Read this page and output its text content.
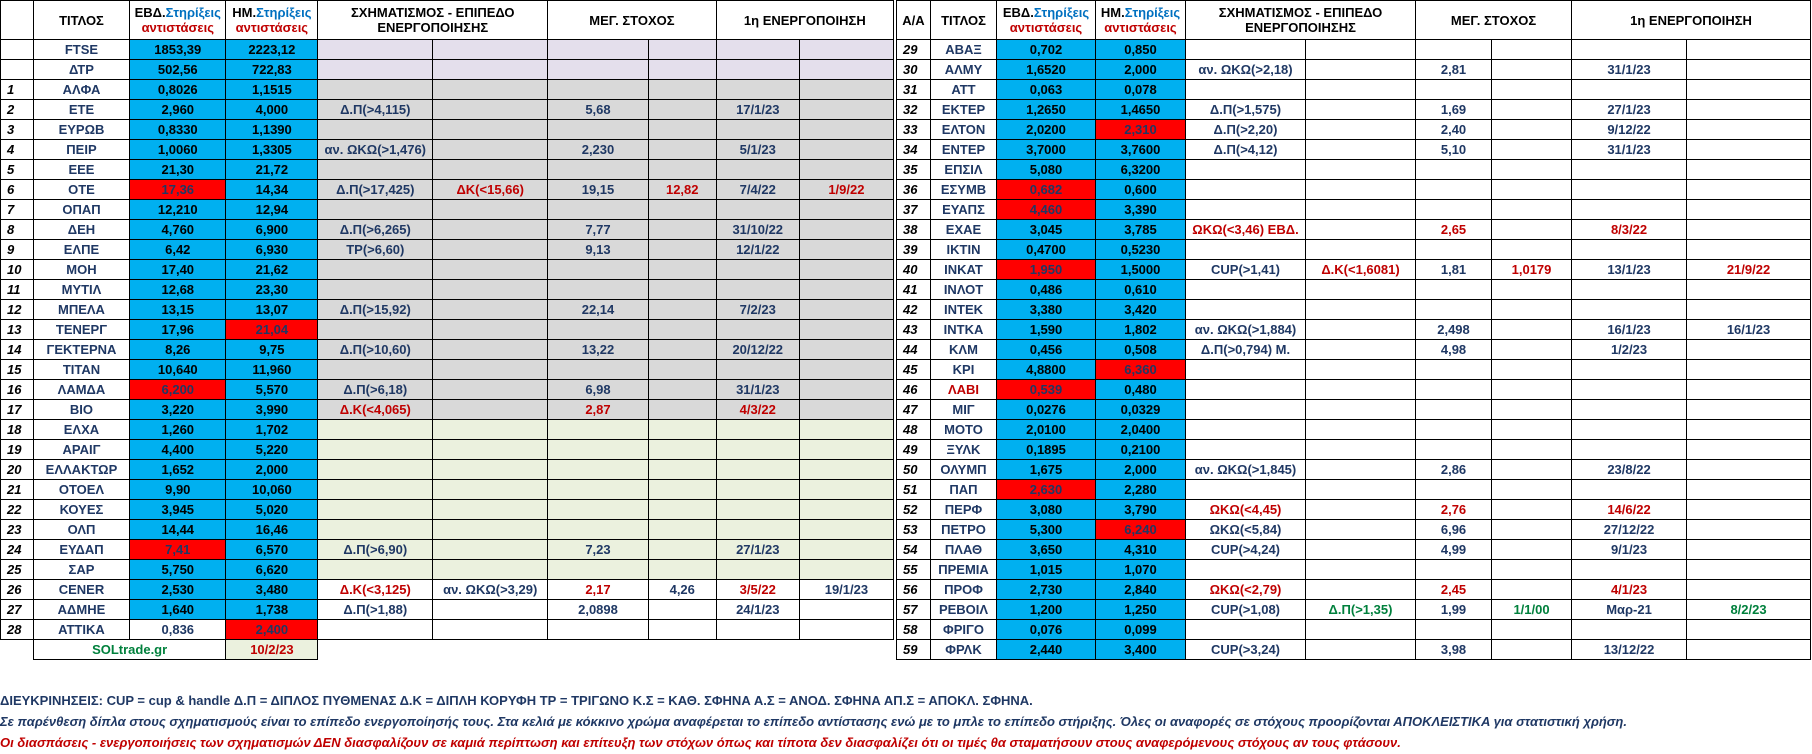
	ΤΙΤΛΟΣ	ΕΒΔ.Στηρίξεις
αντιστάσεις	ΗΜ.Στηρίξεις
αντιστάσεις	ΣΧΗΜΑΤΙΣΜΟΣ - ΕΠΙΠΕΔΟ ΕΝΕΡΓΟΠΟΙΗΣΗΣ		ΜΕΓ. ΣΤΟΧΟΣ		1η ΕΝΕΡΓΟΠΟΙΗΣΗ	
	FTSE	1853,39	2223,12						
	ΔΤΡ	502,56	722,83						
1	ΑΛΦΑ	0,8026	1,1515						
2	ΕΤΕ	2,960	4,000	Δ.Π(>4,115)		5,68		17/1/23	
3	ΕΥΡΩΒ	0,8330	1,1390						
4	ΠΕΙΡ	1,0060	1,3305	αν. ΩΚΩ(>1,476)		2,230		5/1/23	
5	ΕΕΕ	21,30	21,72						
6	ΟΤΕ	17,36	14,34	Δ.Π(>17,425)	ΔΚ(<15,66)	19,15	12,82	7/4/22	1/9/22
7	ΟΠΑΠ	12,210	12,94						
8	ΔΕΗ	4,760	6,900	Δ.Π(>6,265)		7,77		31/10/22	
9	ΕΛΠΕ	6,42	6,930	ΤΡ(>6,60)		9,13		12/1/22	
10	ΜΟΗ	17,40	21,62						
11	ΜΥΤΙΛ	12,68	23,30						
12	ΜΠΕΛΑ	13,15	13,07	Δ.Π(>15,92)		22,14		7/2/23	
13	ΤΕΝΕΡΓ	17,96	21,04						
14	ΓΕΚΤΕΡΝΑ	8,26	9,75	Δ.Π(>10,60)		13,22		20/12/22	
15	ΤΙΤΑΝ	10,640	11,960						
16	ΛΑΜΔΑ	6,200	5,570	Δ.Π(>6,18)		6,98		31/1/23	
17	ΒΙΟ	3,220	3,990	Δ.Κ(<4,065)		2,87		4/3/22	
18	ΕΛΧΑ	1,260	1,702						
19	ΑΡΑΙΓ	4,400	5,220						
20	ΕΛΛΑΚΤΩΡ	1,652	2,000						
21	ΟΤΟΕΛ	9,90	10,060						
22	ΚΟΥΕΣ	3,945	5,020						
23	ΟΛΠ	14,44	16,46						
24	ΕΥΔΑΠ	7,41	6,570	Δ.Π(>6,90)		7,23		27/1/23	
25	ΣΑΡ	5,750	6,620						
26	CENER	2,530	3,480	Δ.Κ(<3,125)	αν. ΩΚΩ(>3,29)	2,17	4,26	3/5/22	19/1/23
27	ΑΔΜΗΕ	1,640	1,738	Δ.Π(>1,88)		2,0898		24/1/23	
28	ΑΤΤΙΚΑ	0,836	2,400						
	SOLtrade.gr		10/2/23						
Α/Α	ΤΙΤΛΟΣ	ΕΒΔ.Στηρίξεις
αντιστάσεις	ΗΜ.Στηρίξεις
αντιστάσεις	ΣΧΗΜΑΤΙΣΜΟΣ - ΕΠΙΠΕΔΟ ΕΝΕΡΓΟΠΟΙΗΣΗΣ		ΜΕΓ. ΣΤΟΧΟΣ		1η ΕΝΕΡΓΟΠΟΙΗΣΗ	
29	ΑΒΑΞ	0,702	0,850						
30	ΑΛΜΥ	1,6520	2,000	αν. ΩΚΩ(>2,18)		2,81		31/1/23	
31	ΑΤΤ	0,063	0,078						
32	ΕΚΤΕΡ	1,2650	1,4650	Δ.Π(>1,575)		1,69		27/1/23	
33	ΕΛΤΟΝ	2,0200	2,310	Δ.Π(>2,20)		2,40		9/12/22	
34	ΕΝΤΕΡ	3,7000	3,7600	Δ.Π(>4,12)		5,10		31/1/23	
35	ΕΠΣΙΛ	5,080	6,3200						
36	ΕΣΥΜΒ	0,682	0,600						
37	ΕΥΑΠΣ	4,460	3,390						
38	ΕΧΑΕ	3,045	3,785	ΩΚΩ(<3,46) ΕΒΔ.		2,65		8/3/22	
39	ΙΚΤΙΝ	0,4700	0,5230						
40	ΙΝΚΑΤ	1,950	1,5000	CUP(>1,41)	Δ.Κ(<1,6081)	1,81	1,0179	13/1/23	21/9/22
41	ΙΝΛΟΤ	0,486	0,610						
42	ΙΝΤΕΚ	3,380	3,420						
43	ΙΝΤΚΑ	1,590	1,802	αν. ΩΚΩ(>1,884)		2,498		16/1/23	16/1/23
44	ΚΛΜ	0,456	0,508	Δ.Π(>0,794) Μ.		4,98		1/2/23	
45	ΚΡΙ	4,8800	6,360						
46	ΛΑΒΙ	0,539	0,480						
47	ΜΙΓ	0,0276	0,0329						
48	ΜΟΤΟ	2,0100	2,0400						
49	ΞΥΛΚ	0,1895	0,2100						
50	ΟΛΥΜΠ	1,675	2,000	αν. ΩΚΩ(>1,845)		2,86		23/8/22	
51	ΠΑΠ	2,630	2,280						
52	ΠΕΡΦ	3,080	3,790	ΩΚΩ(<4,45)		2,76		14/6/22	
53	ΠΕΤΡΟ	5,300	6,240	ΩΚΩ(<5,84)		6,96		27/12/22	
54	ΠΛΑΘ	3,650	4,310	CUP(>4,24)		4,99		9/1/23	
55	ΠΡΕΜΙΑ	1,015	1,070						
56	ΠΡΟΦ	2,730	2,840	ΩΚΩ(<2,79)		2,45		4/1/23	
57	ΡΕΒΟΙΛ	1,200	1,250	CUP(>1,08)	Δ.Π(>1,35)	1,99	1/1/00	Μαρ-21	8/2/23
58	ΦΡΙΓΟ	0,076	0,099						
59	ΦΡΛΚ	2,440	3,400	CUP(>3,24)		3,98		13/12/22	
ΔΙΕΥΚΡΙΝΗΣΕΙΣ: CUP = cup & handle Δ.Π = ΔΙΠΛΟΣ ΠΥΘΜΕΝΑΣ Δ.Κ = ΔΙΠΛΗ ΚΟΡΥΦΗ ΤΡ = ΤΡΙΓΩΝΟ Κ.Σ = ΚΑΘ. ΣΦΗΝΑ Α.Σ = ΑΝΟΔ. ΣΦΗΝΑ ΑΠ.Σ = ΑΠΟΚΛ. ΣΦΗΝΑ.
Σε παρένθεση δίπλα στους σχηματισμούς είναι το επίπεδο ενεργοποίησής τους. Στα κελιά με κόκκινο χρώμα αναφέρεται το επίπεδο αντίστασης ενώ με το μπλε το επίπεδο στήριξης. Όλες οι αναφορές σε στόχους προορίζονται ΑΠΟΚΛΕΙΣΤΙΚΑ για στατιστική χρήση.
Οι διασπάσεις - ενεργοποιήσεις των σχηματισμών ΔΕΝ διασφαλίζουν σε καμιά περίπτωση και επίτευξη των στόχων όπως και τίποτα δεν διασφαλίζει ότι οι τιμές θα σταματήσουν στους αναφερόμενους στόχους αν τους φτάσουν.
